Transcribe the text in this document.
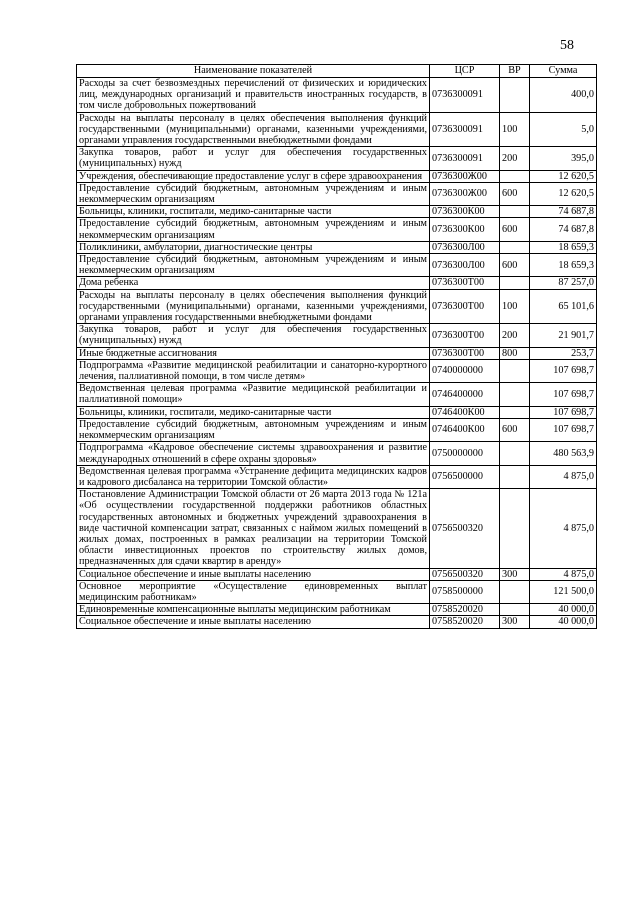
58
Наименование показателей	ЦСР	ВР	Сумма
Расходы за счет безвозмездных перечислений от физических и юридических лиц, международных организаций и правительств иностранных государств, в том числе добровольных пожертвований	0736300091		400,0
Расходы на выплаты персоналу в целях обеспечения выполнения функций государственными (муниципальными) органами, казенными учреждениями, органами управления государственными внебюджетными фондами	0736300091	100	5,0
Закупка товаров, работ и услуг для обеспечения государственных (муниципальных) нужд	0736300091	200	395,0
Учреждения, обеспечивающие предоставление услуг в сфере здравоохранения	0736300Ж00		12 620,5
Предоставление субсидий бюджетным, автономным учреждениям и иным некоммерческим организациям	0736300Ж00	600	12 620,5
Больницы, клиники, госпитали, медико-санитарные части	0736300К00		74 687,8
Предоставление субсидий бюджетным, автономным учреждениям и иным некоммерческим организациям	0736300К00	600	74 687,8
Поликлиники, амбулатории, диагностические центры	0736300Л00		18 659,3
Предоставление субсидий бюджетным, автономным учреждениям и иным некоммерческим организациям	0736300Л00	600	18 659,3
Дома ребенка	0736300Т00		87 257,0
Расходы на выплаты персоналу в целях обеспечения выполнения функций государственными (муниципальными) органами, казенными учреждениями, органами управления государственными внебюджетными фондами	0736300Т00	100	65 101,6
Закупка товаров, работ и услуг для обеспечения государственных (муниципальных) нужд	0736300Т00	200	21 901,7
Иные бюджетные ассигнования	0736300Т00	800	253,7
Подпрограмма «Развитие медицинской реабилитации и санаторно-курортного лечения, паллиативной помощи, в том числе детям»	0740000000		107 698,7
Ведомственная целевая программа «Развитие медицинской реабилитации и паллиативной помощи»	0746400000		107 698,7
Больницы, клиники, госпитали, медико-санитарные части	0746400К00		107 698,7
Предоставление субсидий бюджетным, автономным учреждениям и иным некоммерческим организациям	0746400К00	600	107 698,7
Подпрограмма «Кадровое обеспечение системы здравоохранения и развитие международных отношений в сфере охраны здоровья»	0750000000		480 563,9
Ведомственная целевая программа «Устранение дефицита медицинских кадров и кадрового дисбаланса на территории Томской области»	0756500000		4 875,0
Постановление Администрации Томской области от 26 марта 2013 года № 121а «Об осуществлении государственной поддержки работников областных государственных автономных и бюджетных учреждений здравоохранения в виде частичной компенсации затрат, связанных с наймом жилых помещений в жилых домах, построенных в рамках реализации на территории Томской области инвестиционных проектов по строительству жилых домов, предназначенных для сдачи квартир в аренду»	0756500320		4 875,0
Социальное обеспечение и иные выплаты населению	0756500320	300	4 875,0
Основное мероприятие «Осуществление единовременных выплат медицинским работникам»	0758500000		121 500,0
Единовременные компенсационные выплаты медицинским работникам	0758520020		40 000,0
Социальное обеспечение и иные выплаты населению	0758520020	300	40 000,0
